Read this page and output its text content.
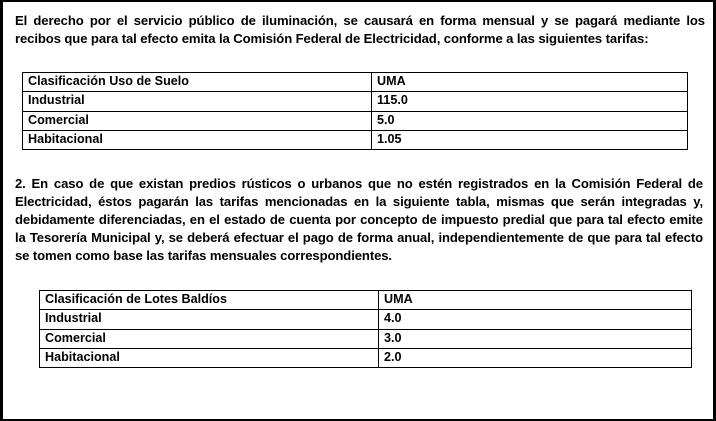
El derecho por el servicio público de iluminación, se causará en forma mensual y se pagará mediante los recibos que para tal efecto emita la Comisión Federal de Electricidad, conforme a las siguientes tarifas:

Clasificación Uso de Suelo	UMA
Industrial	115.0
Comercial	5.0
Habitacional	1.05

2. En caso de que existan predios rústicos o urbanos que no estén registrados en la Comisión Federal de Electricidad, éstos pagarán las tarifas mencionadas en la siguiente tabla, mismas que serán integradas y, debidamente diferenciadas, en el estado de cuenta por concepto de impuesto predial que para tal efecto emite la Tesorería Municipal y, se deberá efectuar el pago de forma anual, independientemente de que para tal efecto se tomen como base las tarifas mensuales correspondientes.

Clasificación de Lotes Baldíos	UMA
Industrial	4.0
Comercial	3.0
Habitacional	2.0
